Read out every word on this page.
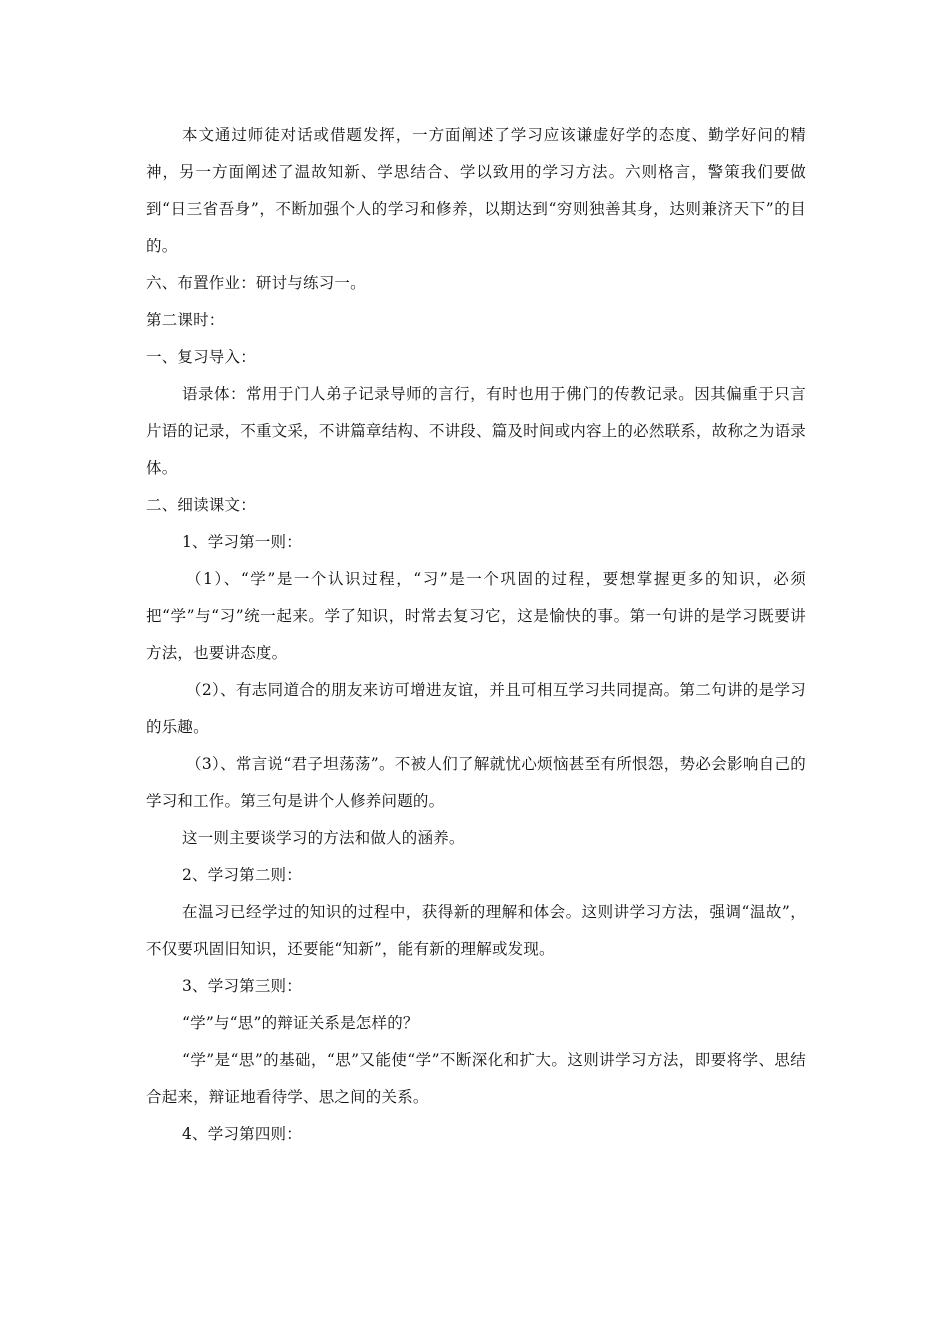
本文通过师徒对话或借题发挥，一方面阐述了学习应该谦虚好学的态度、勤学好问的精神，另一方面阐述了温故知新、学思结合、学以致用的学习方法。六则格言，警策我们要做到“日三省吾身”，不断加强个人的学习和修养，以期达到“穷则独善其身，达则兼济天下”的目的。

六、布置作业：研讨与练习一。

第二课时：

一、复习导入：

语录体：常用于门人弟子记录导师的言行，有时也用于佛门的传教记录。因其偏重于只言片语的记录，不重文采，不讲篇章结构、不讲段、篇及时间或内容上的必然联系，故称之为语录体。

二、细读课文：

1、学习第一则：

（1）、“学”是一个认识过程，“习”是一个巩固的过程，要想掌握更多的知识，必须把“学”与“习”统一起来。学了知识，时常去复习它，这是愉快的事。第一句讲的是学习既要讲方法，也要讲态度。

（2）、有志同道合的朋友来访可增进友谊，并且可相互学习共同提高。第二句讲的是学习的乐趣。

（3）、常言说“君子坦荡荡”。不被人们了解就忧心烦恼甚至有所恨怨，势必会影响自己的学习和工作。第三句是讲个人修养问题的。

这一则主要谈学习的方法和做人的涵养。

2、学习第二则：

在温习已经学过的知识的过程中，获得新的理解和体会。这则讲学习方法，强调“温故”，不仅要巩固旧知识，还要能“知新”，能有新的理解或发现。

3、学习第三则：

“学”与“思”的辩证关系是怎样的？

“学”是“思”的基础，“思”又能使“学”不断深化和扩大。这则讲学习方法，即要将学、思结合起来，辩证地看待学、思之间的关系。

4、学习第四则：
